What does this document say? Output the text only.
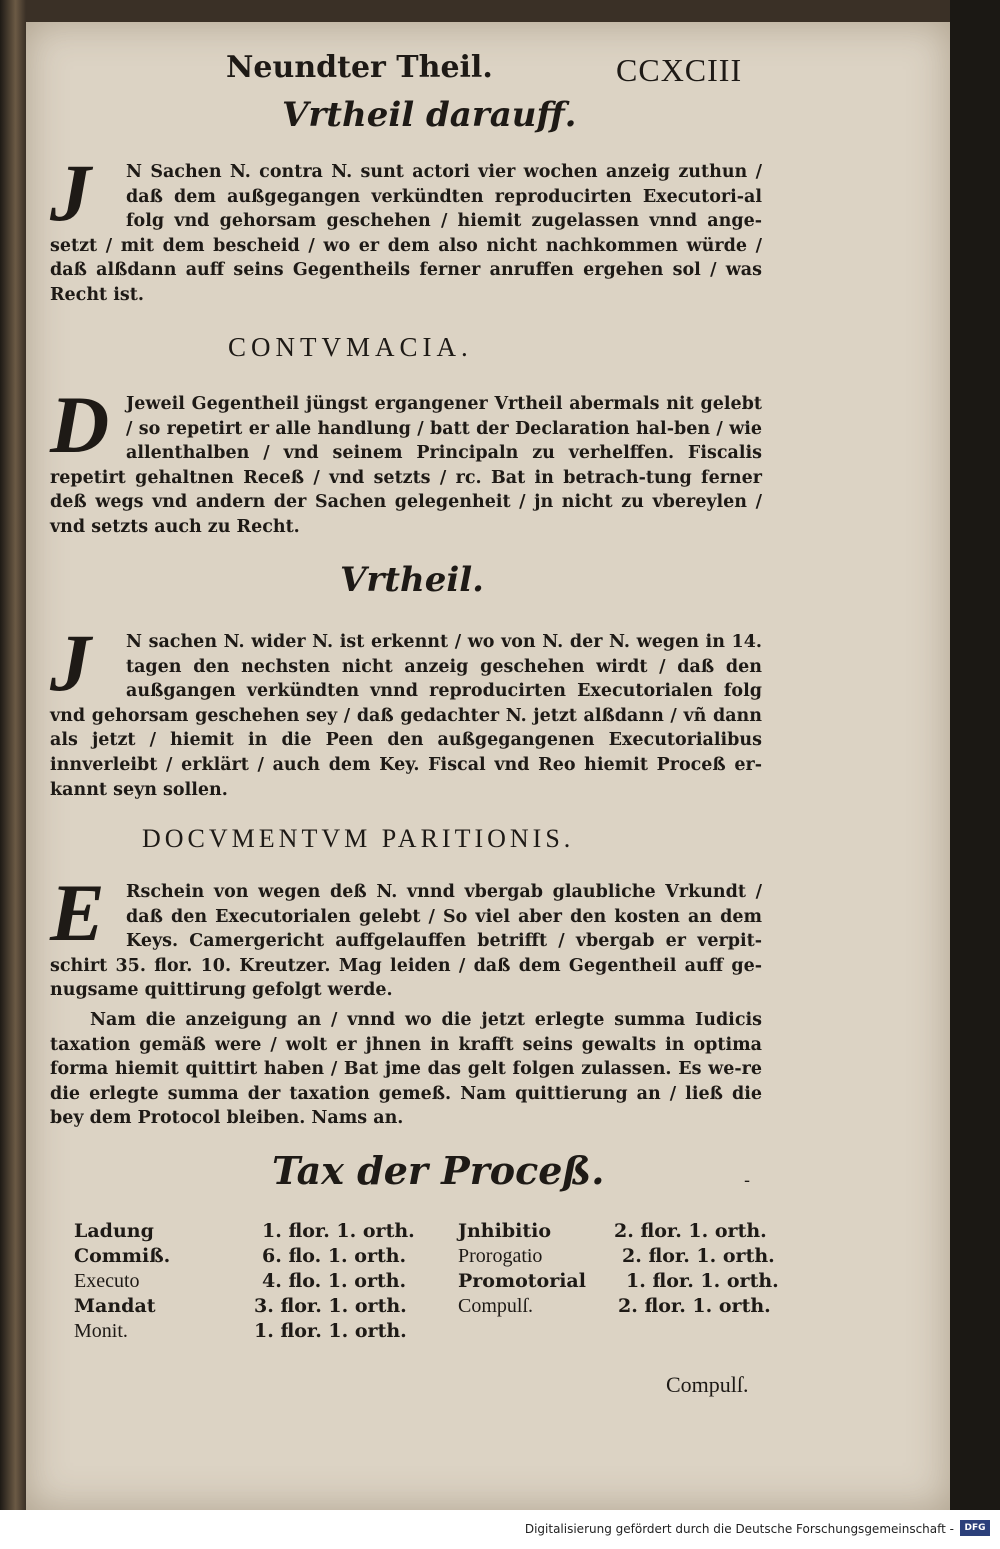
Neundter Theil.	CCXCIII
Vrtheil darauff.
J	N Sachen N. contra N. sunt actori vier wochen anzeig zuthun / daß dem außgegangen verkündten reproducirten Executori-al folg vnd gehorsam geschehen / hiemit zugelassen vnnd ange-setzt / mit dem bescheid / wo er dem also nicht nachkommen würde / daß alßdann auff seins Gegentheils ferner anruffen ergehen sol / was Recht ist.
CONTVMACIA.
D Jeweil Gegentheil jüngst ergangener Vrtheil abermals nit gelebt / so repetirt er alle handlung / batt der Declaration hal-ben / wie allenthalben / vnd seinem Principaln zu verhelffen. Fiscalis repetirt gehaltnen Receß / vnd setzts / rc. Bat in betrach-tung ferner deß wegs vnd andern der Sachen gelegenheit / jn nicht zu vbereylen / vnd setzts auch zu Recht.
Vrtheil.
J	N sachen N. wider N. ist erkennt / wo von N. der N. wegen in 14. tagen den nechsten nicht anzeig geschehen wirdt / daß den außgangen verkündten vnnd reproducirten Executorialen folg vnd gehorsam geschehen sey / daß gedachter N. jetzt alßdann / vñ dann als jetzt / hiemit in die Peen den außgegangenen Executorialibus innverleibt / erklärt / auch dem Key. Fiscal vnd Reo hiemit Proceß er-kannt seyn sollen.
DOCVMENTVM PARITIONIS.
E	Rschein von wegen deß N. vnnd vbergab glaubliche Vrkundt / daß den Executorialen gelebt / So viel aber den kosten an dem Keys. Camergericht auffgelauffen betrifft / vbergab er verpit-schirt 35. flor. 10. Kreutzer. Mag leiden / daß dem Gegentheil auff ge-nugsame quittirung gefolgt werde.
Nam die anzeigung an / vnnd wo die jetzt erlegte summa Iudicis taxation gemäß were / wolt er jhnen in krafft seins gewalts in optima forma hiemit quittirt haben / Bat jme das gelt folgen zulassen. Es we-re die erlegte summa der taxation gemeß. Nam quittierung an / ließ die bey dem Protocol bleiben. Nams an.
Tax der Proceß.	-
Ladung	1. flor. 1. orth.
Commiß.	6. flo. 1. orth.
Executo	4. flo. 1. orth.
Mandat	3. flor. 1. orth.
Monit.	1. flor. 1. orth.
Jnhibitio	2. flor. 1. orth.
Prorogatio	2. flor. 1. orth.
Promotorial 1. flor. 1. orth.
Compulſ.	2. flor. 1. orth.
Compulſ.
Digitalisierung gefördert durch die Deutsche Forschungsgemeinschaft -	DFG
